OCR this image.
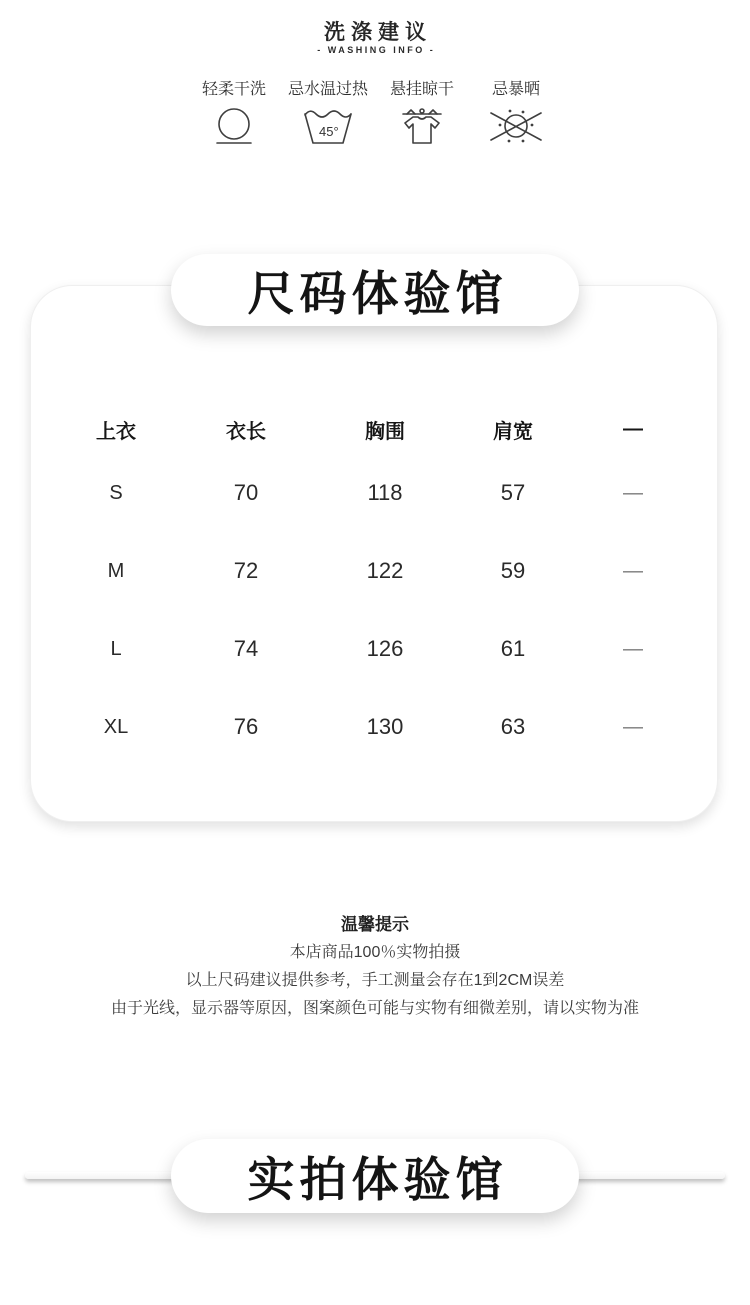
洗涤建议
- WASHING INFO -
轻柔干洗	忌水温过热
45°
悬挂晾干	忌暴晒
尺码体验馆
上衣	衣长	胸围	肩宽	—
S	70	118	57	—
M	72	122	59	—
L	74	126	61	—
XL	76	130	63	—
温馨提示
本店商品100％实物拍摄
以上尺码建议提供参考，手工测量会存在1到2CM误差
由于光线，显示器等原因，图案颜色可能与实物有细微差别，请以实物为准
实拍体验馆
